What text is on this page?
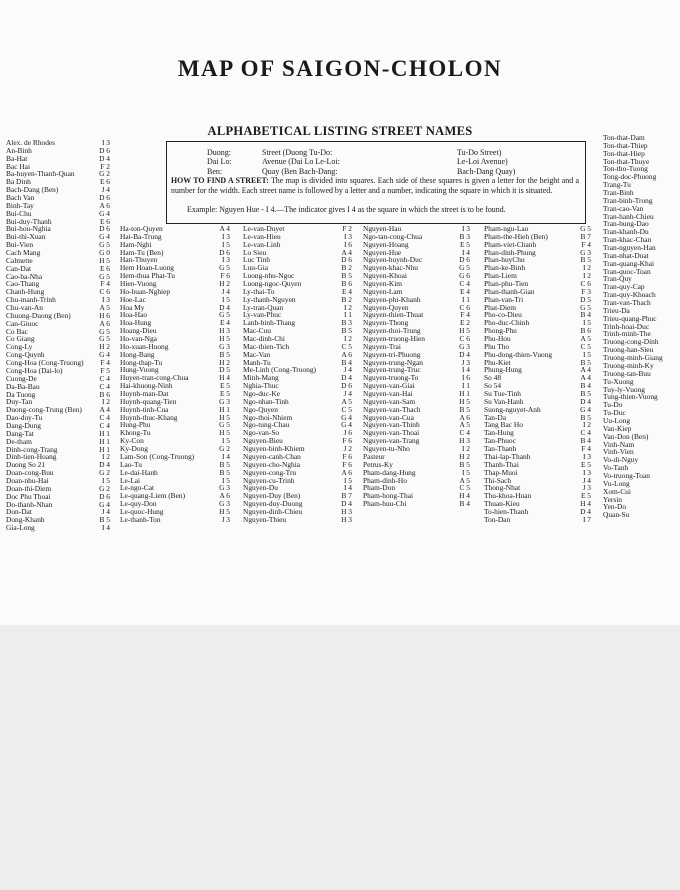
MAP OF SAIGON-CHOLON
ALPHABETICAL LISTING STREET NAMES
Duong:	Street (Duong Tu-Do:	Tu-Do Street)
Dai Lo:	Avenue (Dai Lo Le-Loi:	Le-Loi Avenue)
Ben:	Quay (Ben Bach-Dang:	Bach-Dang Quay)
HOW TO FIND A STREET: The map is divided into squares. Each side of these squares is given a letter for the height and a number for the width. Each street name is followed by a letter and a number, indicating the square in which it is situated.
Example: Nguyen Hue - I 4.—The indicator gives I 4 as the square in which the street is to be found.
Alex. de Rhodes	I 3
An-Binh	D 6
Ba-Hat	D 4
Bac Hai	F 2
Ba-huyen-Thanh-Quan	G 2
Ba Dinh	E 6
Bach-Dang (Ben)	J 4
Bach Van	D 6
Binh-Tay	A 6
Bui-Chu	G 4
Bui-duy-Thanh	E 6
Bui-hou-Nghia	D 6
Bui-thi-Xuan	G 4
Bui-Vien	G 5
Cach Mang	G 0
Calmette	H 5
Can-Dat	E 6
Cao-ba-Nha	G 5
Cao-Thang	F 4
Chanh-Hung	C 6
Chu-manh-Trinh	I 3
Chu-van-An	A 5
Chuong-Duong (Ben)	H 6
Can-Giuoc	A 6
Co Bac	G 5
Co Giang	G 5
Cong-Ly	H 2
Cong-Quynh	G 4
Cong-Hoa (Cong-Truong) F 4
Cong-Hoa (Dai-lo)	F 5
Cuong-De	C 4
Da-Ba-Bau	C 4
Da Tuong	B 6
Duy-Tan	I 2
Duong-cong-Trung (Ben) A 4
Dao-duy-Tu	C 4
Dang-Dung	C 4
Dang-Tat	H 1
De-tham	H 1
Dinh-cong-Trang	H 1
Dinh-tien-Hoang	I 2
Duong So 21	D 4
Doan-cong-Buu	G 2
Doan-nhu-Hai	I 5
Doan-thi-Diem	G 2
Doc Phu Thoai	D 6
Do-thanh-Nhan	G 4
Don-Dat	J 4
Dong-Khanh	B 5
Gia-Long	I 4
Ha-ton-Quyen	A 4
Hai-Ba-Trung	I 3
Ham-Nghi	I 5
Ham-Tu (Ben)	D 6
Han-Thuyen	I 3
Hem Hoan-Luong	G 5
Hem-thua Phat-Tu	F 6
Hien-Vuong	H 2
Ho-huan-Nghiep	J 4
Hoe-Lac	I 5
Hoa My	D 4
Hoa-Hao	G 5
Hoa-Hung	E 4
Hoang-Dieu	H 3
Ho-van-Nga	H 5
Ho-xuan-Huong	G 3
Hong-Bang	B 5
Hong-thap-Tu	H 2
Hung-Vuong	D 5
Huyen-tran-cong-Chua	H 4
Hai-khuong-Ninh	E 5
Huynh-man-Dat	E 5
Huynh-quang-Tien	G 3
Huynh-tinh-Cua	H 1
Huynh-thuc-Khang	H 5
Hung-Phu	G 5
Khong-Tu	H 5
Ky-Con	I 5
Ky-Dong	G 2
Lam-Son (Cong-Truong)	I 4
Lao-Tu	B 5
Le-dai-Hanh	B 5
Le-Lai	I 5
Le-ngo-Cat	G 3
Le-quang-Liem (Ben)	A 6
Le-quy-Don	G 3
Le-quoc-Hung	H 5
Le-thanh-Ton	J 3
Le-van-Duyet	F 2
Le-van-Hieu	I 3
Le-van-Linh	I 6
Lo Sieu	A 4
Luc Tinh	D 6
Luu-Gia	B 2
Luong-nhu-Ngoc	B 5
Luong-ngoc-Quyen	B 6
Ly-thai-To	E 4
Ly-thanh-Nguyen	B 2
Ly-tran-Quan	I 2
Ly-van-Phuc	I 1
Lanh-binh-Thang	B 3
Mac-Cuu	B 5
Mac-dinh-Chi	I 2
Mac-thien-Tich	C 5
Mac-Van	A 6
Manh-Tu	B 4
Me-Linh (Cong-Truong)	J 4
Minh-Mang	D 4
Nghia-Thuc	D 6
Ngo-duc-Ke	J 4
Ngo-nhan-Tinh	A 5
Ngo-Quyen	C 5
Ngo-thoi-Nhiem	G 4
Ngo-tung-Chau	G 4
Ngo-van-So	J 6
Nguyen-Bieu	F 6
Nguyen-binh-Khiem	J 2
Nguyen-canh-Chan	F 6
Nguyen-cho-Nghia	F 6
Nguyen-cong-Tru	A 6
Nguyen-cu-Trinh	I 5
Nguyen-Du	I 4
Nguyen-Duy (Ben)	B 7
Nguyen-duy-Duong	D 4
Nguyen-dinh-Chieu	H 3
Nguyen-Thieu	H 3
Nguyen-Hau	I 3
Ngo-tan-cong-Chua	B 3
Nguyen-Hoang	E 5
Nguyen-Hue	I 4
Nguyen-huynh-Duc	D 6
Nguyen-khac-Nhu	G 5
Nguyen-Khoai	G 6
Nguyen-Kim	C 4
Nguyen-Lam	E 4
Nguyen-phi-Khanh	I 1
Nguyen-Quyen	C 6
Nguyen-thien-Thuat	F 4
Nguyen-Thong	E 2
Nguyen-thoi-Trung	H 5
Nguyen-truong-Hien	C 6
Nguyen-Trai	G 3
Nguyen-tri-Phuong	D 4
Nguyen-trung-Ngan	J 3
Nguyen-trung-Truc	I 4
Nguyen-truong-To	I 6
Nguyen-van-Giai	I 1
Nguyen-van-Hai	H 1
Nguyen-van-Sam	H 5
Nguyen-van-Thach	B 5
Nguyen-van-Cua	A 6
Nguyen-van-Thinh	A 5
Nguyen-van-Thoai	C 4
Nguyen-van-Trang	H 3
Nguyen-tu-Nho	I 2
Pasteur	H 2
Petrus-Ky	B 5
Pham-dang-Hung	I 5
Pham-dinh-Ho	A 5
Pham-Don	C 5
Pham-hong-Thai	H 4
Pham-huu-Chi	B 4
Pham-ngu-Lao	G 5
Pham-the-Hieh (Ben)	B 7
Pham-viet-Chanh	F 4
Phan-dinh-Phung	G 3
Phan-huyChu	B 5
Phan-ke-Binh	I 2
Phan-Liem	I 2
Phan-phu-Tien	C 6
Phan-thanh-Gian	F 3
Phan-van-Tri	D 5
Phat-Diem	G 5
Pho-co-Dieu	B 4
Pho-duc-Chinh	I 5
Phong-Phu	B 6
Phu-Hou	A 5
Phu Tho	C 5
Phu-dong-thien-Vuong	I 5
Phu-Kiet	B 5
Phung-Hung	A 4
So 48	A 4
So 54	B 4
Su Tue-Tinh	B 5
Su Van-Hanh	D 4
Suong-nguyet-Anh	G 4
Tan-Da	B 5
Tang Bac Ho	I 2
Tan-Hung	C 4
Tan-Phuoc	B 4
Tan-Thanh	F 4
Thai-lap-Thanh	I 3
Thanh-Thai	E 5
Thap-Muoi	I 3
Thi-Sach	J 4
Thong-Nhat	J 3
Thu-khoa-Huan	E 5
Thuan-Kieu	H 4
To-hien-Thanh	D 4
Ton-Dan	I 7
Ton-that-Dam
Ton-that-Thiep
Ton-that-Hiep
Ton-that-Thuye
Ton-tho-Tuong
Tong-doc-Phuong
Trang-Tu
Tran-Binh
Tran-binh-Trong
Tran-cao-Van
Tran-hanh-Chieu
Tran-hung-Dao
Tran-khanh-Du
Tran-khac-Chan
Tran-nguyen-Han
Tran-nhat-Duat
Tran-quang-Khai
Tran-quoc-Toan
Tran-Quy
Tran-quy-Cap
Tran-quy-Khoach
Tran-van-Thach
Trieu-Da
Trieu-quang-Phuc
Trinh-hoai-Duc
Trinh-minh-The
Truong-cong-Dinh
Truong-han-Sieu
Truong-minh-Giang
Truong-minh-Ky
Truong-tan-Buu
Tu-Xuong
Tuy-ly-Vuong
Tung-thien-Vuong
Tu-Do
Tu-Duc
Uu-Long
Van-Kiep
Van-Don (Ben)
Vinh-Nam
Vinh-Vien
Vo-di-Nguy
Vo-Tanh
Vo-truong-Toan
Vu-Long
Xom-Cui
Yersin
Yen-Do
Quan-Su
